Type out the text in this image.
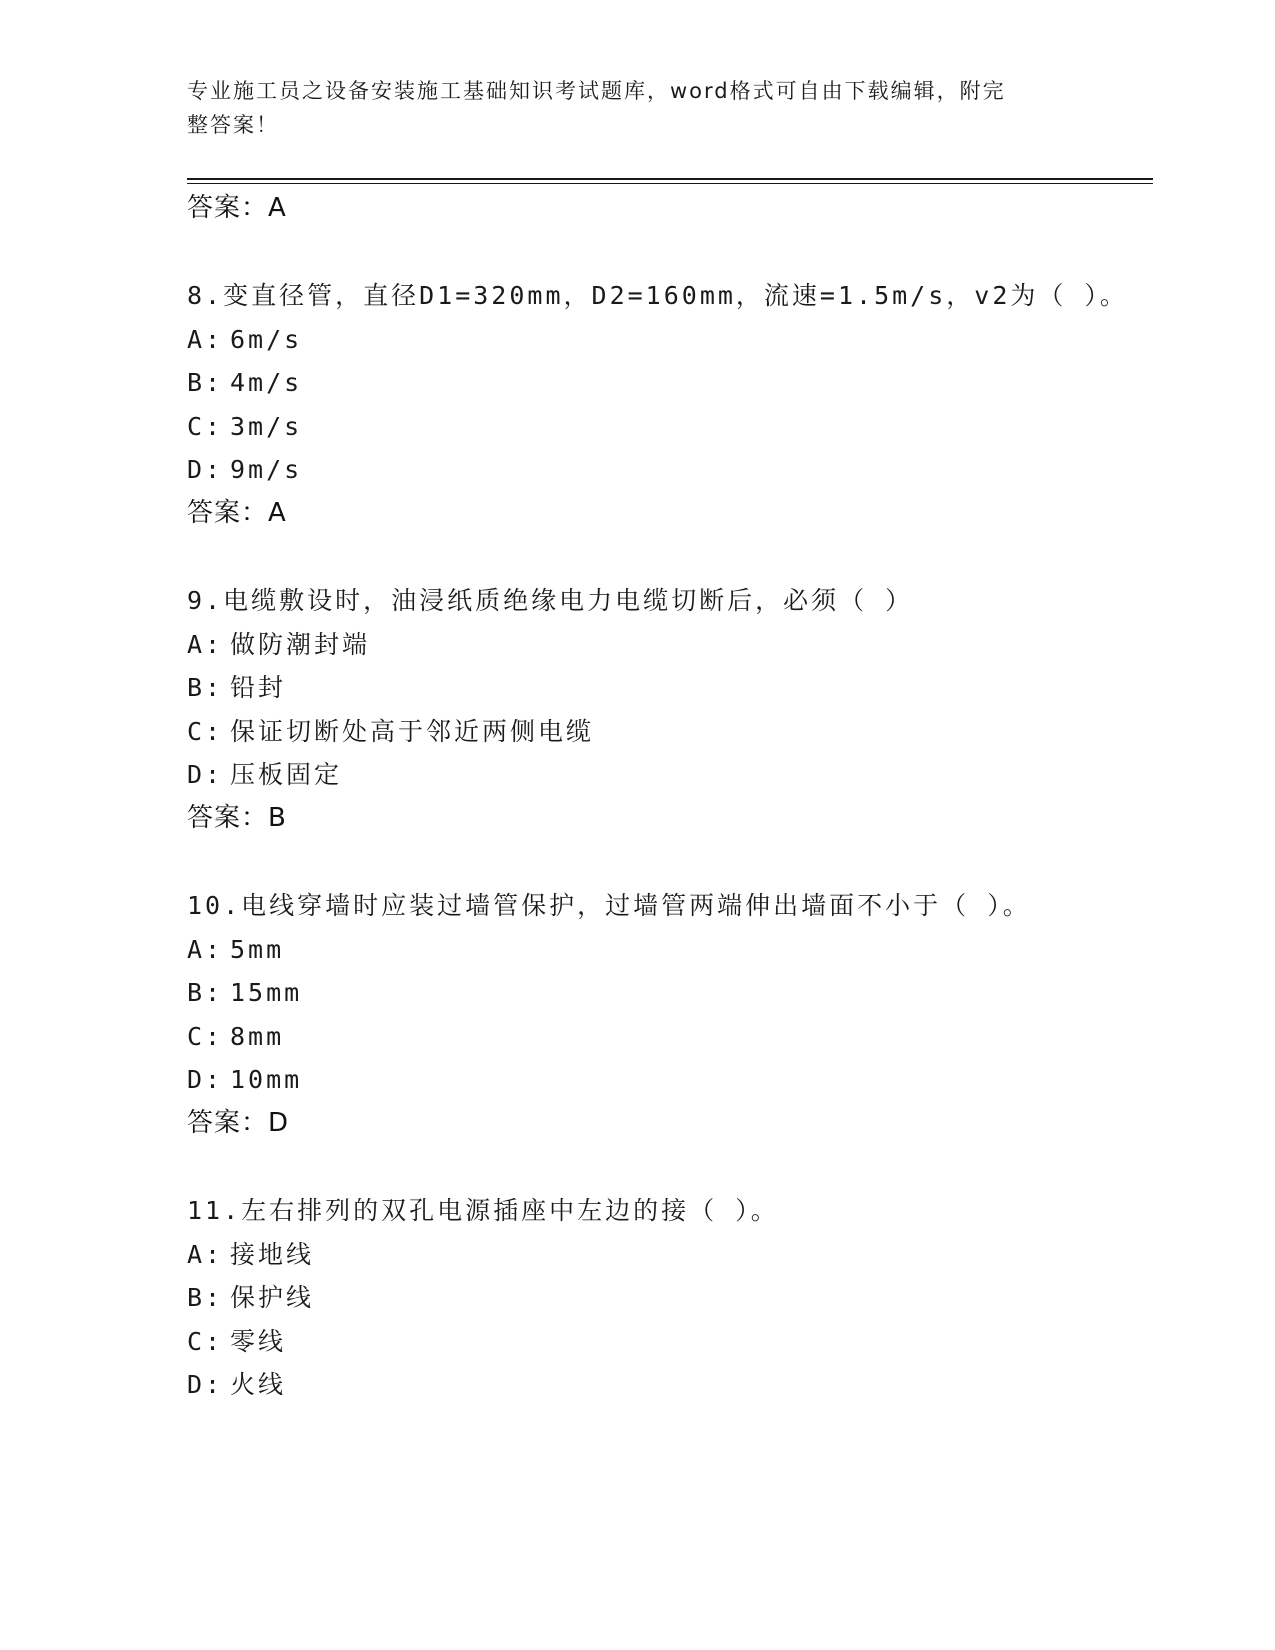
专业施工员之设备安装施工基础知识考试题库，word格式可自由下载编辑，附完
整答案！
答案：A
8.变直径管，直径D1=320mm，D2=160mm，流速=1.5m/s，v2为（ ）。
A: 6m/s
B: 4m/s
C: 3m/s
D: 9m/s
答案：A
9.电缆敷设时，油浸纸质绝缘电力电缆切断后，必须（ ）
A: 做防潮封端
B: 铅封
C: 保证切断处高于邻近两侧电缆
D: 压板固定
答案：B
10.电线穿墙时应装过墙管保护，过墙管两端伸出墙面不小于（ ）。
A: 5mm
B: 15mm
C: 8mm
D: 10mm
答案：D
11.左右排列的双孔电源插座中左边的接（ ）。
A: 接地线
B: 保护线
C: 零线
D: 火线
